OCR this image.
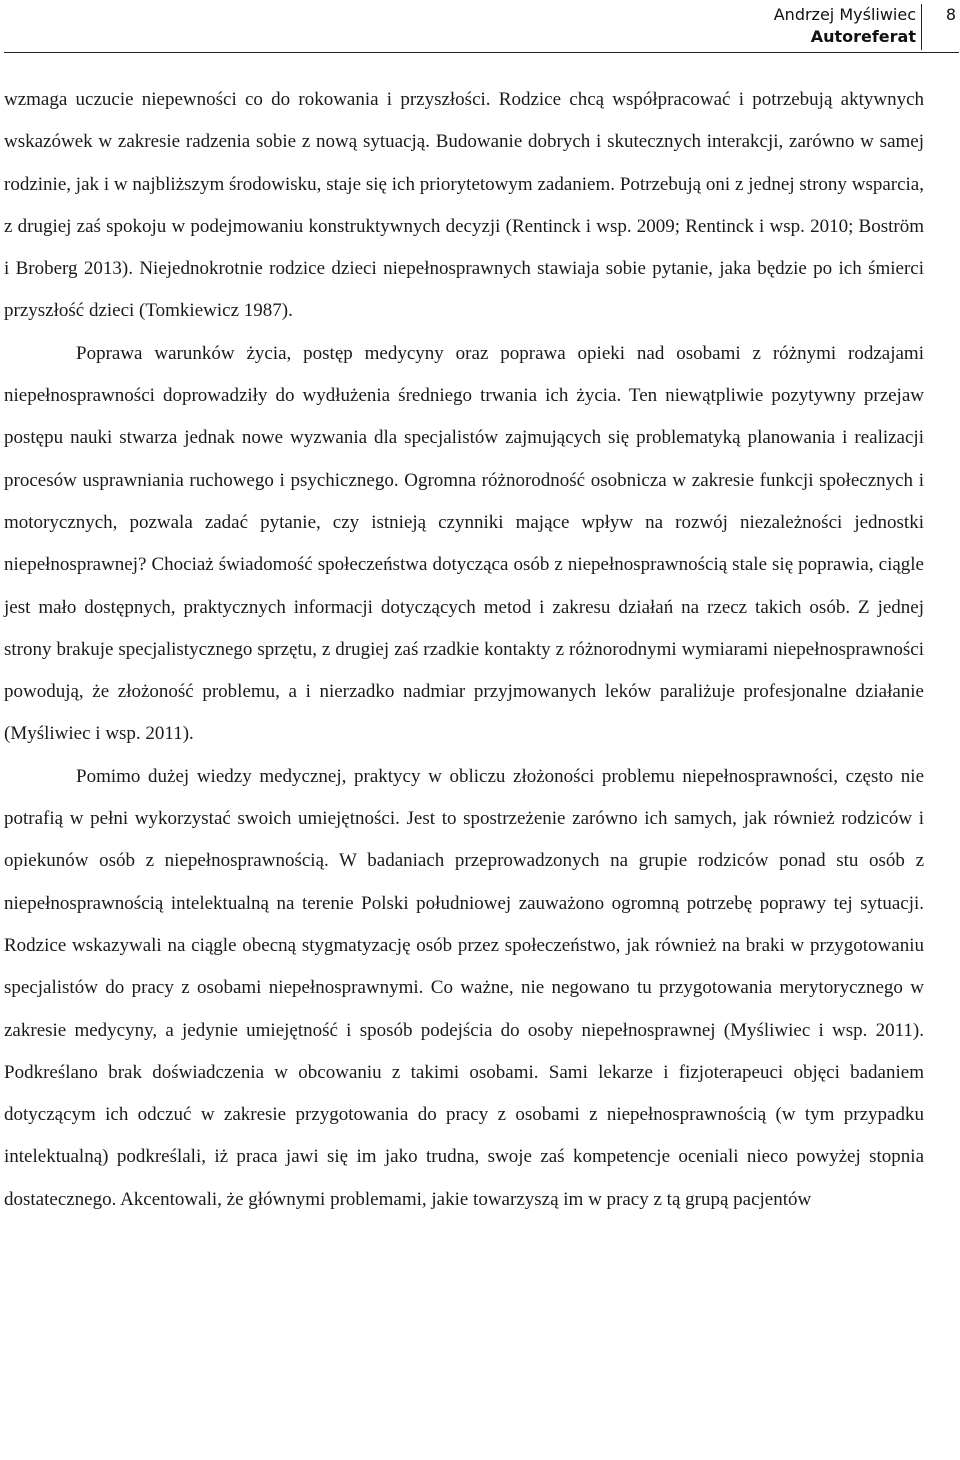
Andrzej Myśliwiec
Autoreferat
8

wzmaga uczucie niepewności co do rokowania i przyszłości. Rodzice chcą współpracować i potrzebują aktywnych wskazówek w zakresie radzenia sobie z nową sytuacją. Budowanie dobrych i skutecznych interakcji, zarówno w samej rodzinie, jak i w najbliższym środowisku, staje się ich priorytetowym zadaniem. Potrzebują oni z jednej strony wsparcia, z drugiej zaś spokoju w podejmowaniu konstruktywnych decyzji (Rentinck i wsp. 2009; Rentinck i wsp. 2010; Boström i Broberg 2013). Niejednokrotnie rodzice dzieci niepełnosprawnych stawiaja sobie pytanie, jaka będzie po ich śmierci przyszłość dzieci (Tomkiewicz 1987).

Poprawa warunków życia, postęp medycyny oraz poprawa opieki nad osobami z różnymi rodzajami niepełnosprawności doprowadziły do wydłużenia średniego trwania ich życia. Ten niewątpliwie pozytywny przejaw postępu nauki stwarza jednak nowe wyzwania dla specjalistów zajmujących się problematyką planowania i realizacji procesów usprawniania ruchowego i psychicznego. Ogromna różnorodność osobnicza w zakresie funkcji społecznych i motorycznych, pozwala zadać pytanie, czy istnieją czynniki mające wpływ na rozwój niezależności jednostki niepełnosprawnej? Chociaż świadomość społeczeństwa dotycząca osób z niepełnosprawnością stale się poprawia, ciągle jest mało dostępnych, praktycznych informacji dotyczących metod i zakresu działań na rzecz takich osób. Z jednej strony brakuje specjalistycznego sprzętu, z drugiej zaś rzadkie kontakty z różnorodnymi wymiarami niepełnosprawności powodują, że złożoność problemu, a i nierzadko nadmiar przyjmowanych leków paraliżuje profesjonalne działanie (Myśliwiec i wsp. 2011).

Pomimo dużej wiedzy medycznej, praktycy w obliczu złożoności problemu niepełnosprawności, często nie potrafią w pełni wykorzystać swoich umiejętności. Jest to spostrzeżenie zarówno ich samych, jak również rodziców i opiekunów osób z niepełnosprawnością. W badaniach przeprowadzonych na grupie rodziców ponad stu osób z niepełnosprawnością intelektualną na terenie Polski południowej zauważono ogromną potrzebę poprawy tej sytuacji. Rodzice wskazywali na ciągle obecną stygmatyzację osób przez społeczeństwo, jak również na braki w przygotowaniu specjalistów do pracy z osobami niepełnosprawnymi. Co ważne, nie negowano tu przygotowania merytorycznego w zakresie medycyny, a jedynie umiejętność i sposób podejścia do osoby niepełnosprawnej (Myśliwiec i wsp. 2011). Podkreślano brak doświadczenia w obcowaniu z takimi osobami. Sami lekarze i fizjoterapeuci objęci badaniem dotyczącym ich odczuć w zakresie przygotowania do pracy z osobami z niepełnosprawnością (w tym przypadku intelektualną) podkreślali, iż praca jawi się im jako trudna, swoje zaś kompetencje oceniali nieco powyżej stopnia dostatecznego. Akcentowali, że głównymi problemami, jakie towarzyszą im w pracy z tą grupą pacjentów
